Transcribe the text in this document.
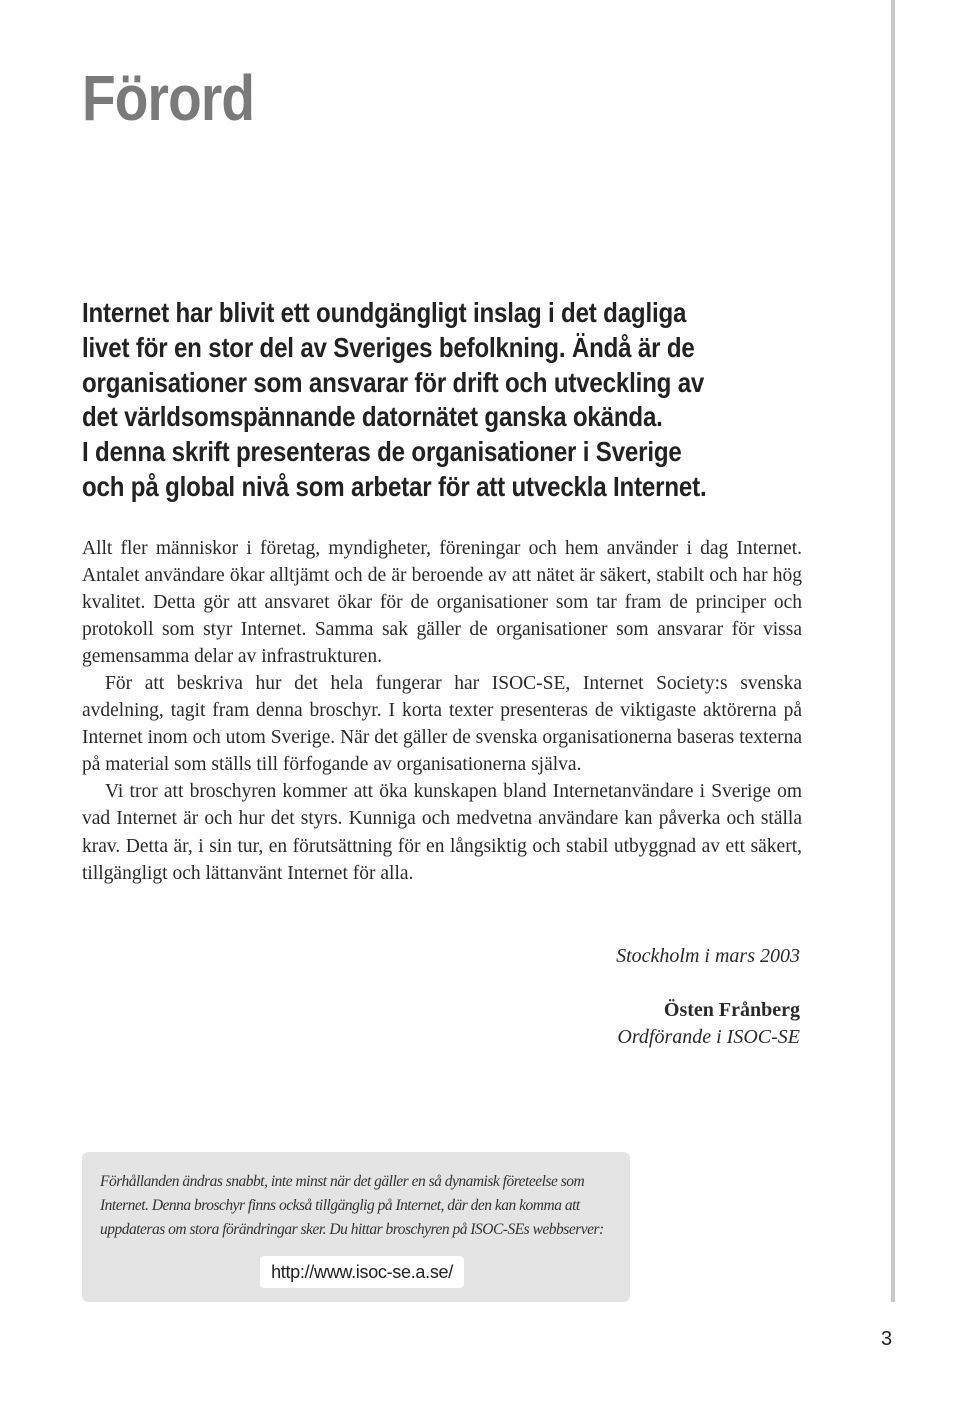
Förord
Internet har blivit ett oundgängligt inslag i det dagliga
livet för en stor del av Sveriges befolkning. Ändå är de
organisationer som ansvarar för drift och utveckling av
det världsomspännande datornätet ganska okända.
I denna skrift presenteras de organisationer i Sverige
och på global nivå som arbetar för att utveckla Internet.

Allt fler människor i företag, myndigheter, föreningar och hem använder i dag Internet. Antalet användare ökar alltjämt och de är beroende av att nätet är säkert, stabilt och har hög kvalitet. Detta gör att ansvaret ökar för de organisationer som tar fram de principer och protokoll som styr Internet. Samma sak gäller de organisationer som ansvarar för vissa gemensamma delar av infrastrukturen.

För att beskriva hur det hela fungerar har ISOC-SE, Internet Society:s svenska avdelning, tagit fram denna broschyr. I korta texter presenteras de viktigaste aktörerna på Internet inom och utom Sverige. När det gäller de svenska organisationerna baseras texterna på material som ställs till förfogande av organisationerna själva.

Vi tror att broschyren kommer att öka kunskapen bland Internetanvändare i Sverige om vad Internet är och hur det styrs. Kunniga och medvetna användare kan påverka och ställa krav. Detta är, i sin tur, en förutsättning för en långsiktig och stabil utbyggnad av ett säkert, tillgängligt och lättanvänt Internet för alla.

Stockholm i mars 2003
Östen Frånberg
Ordförande i ISOC-SE
Förhållanden ändras snabbt, inte minst när det gäller en så dynamisk företeelse som
Internet. Denna broschyr finns också tillgänglig på Internet, där den kan komma att
uppdateras om stora förändringar sker. Du hittar broschyren på ISOC-SEs webbserver:
http://www.isoc-se.a.se/
3
